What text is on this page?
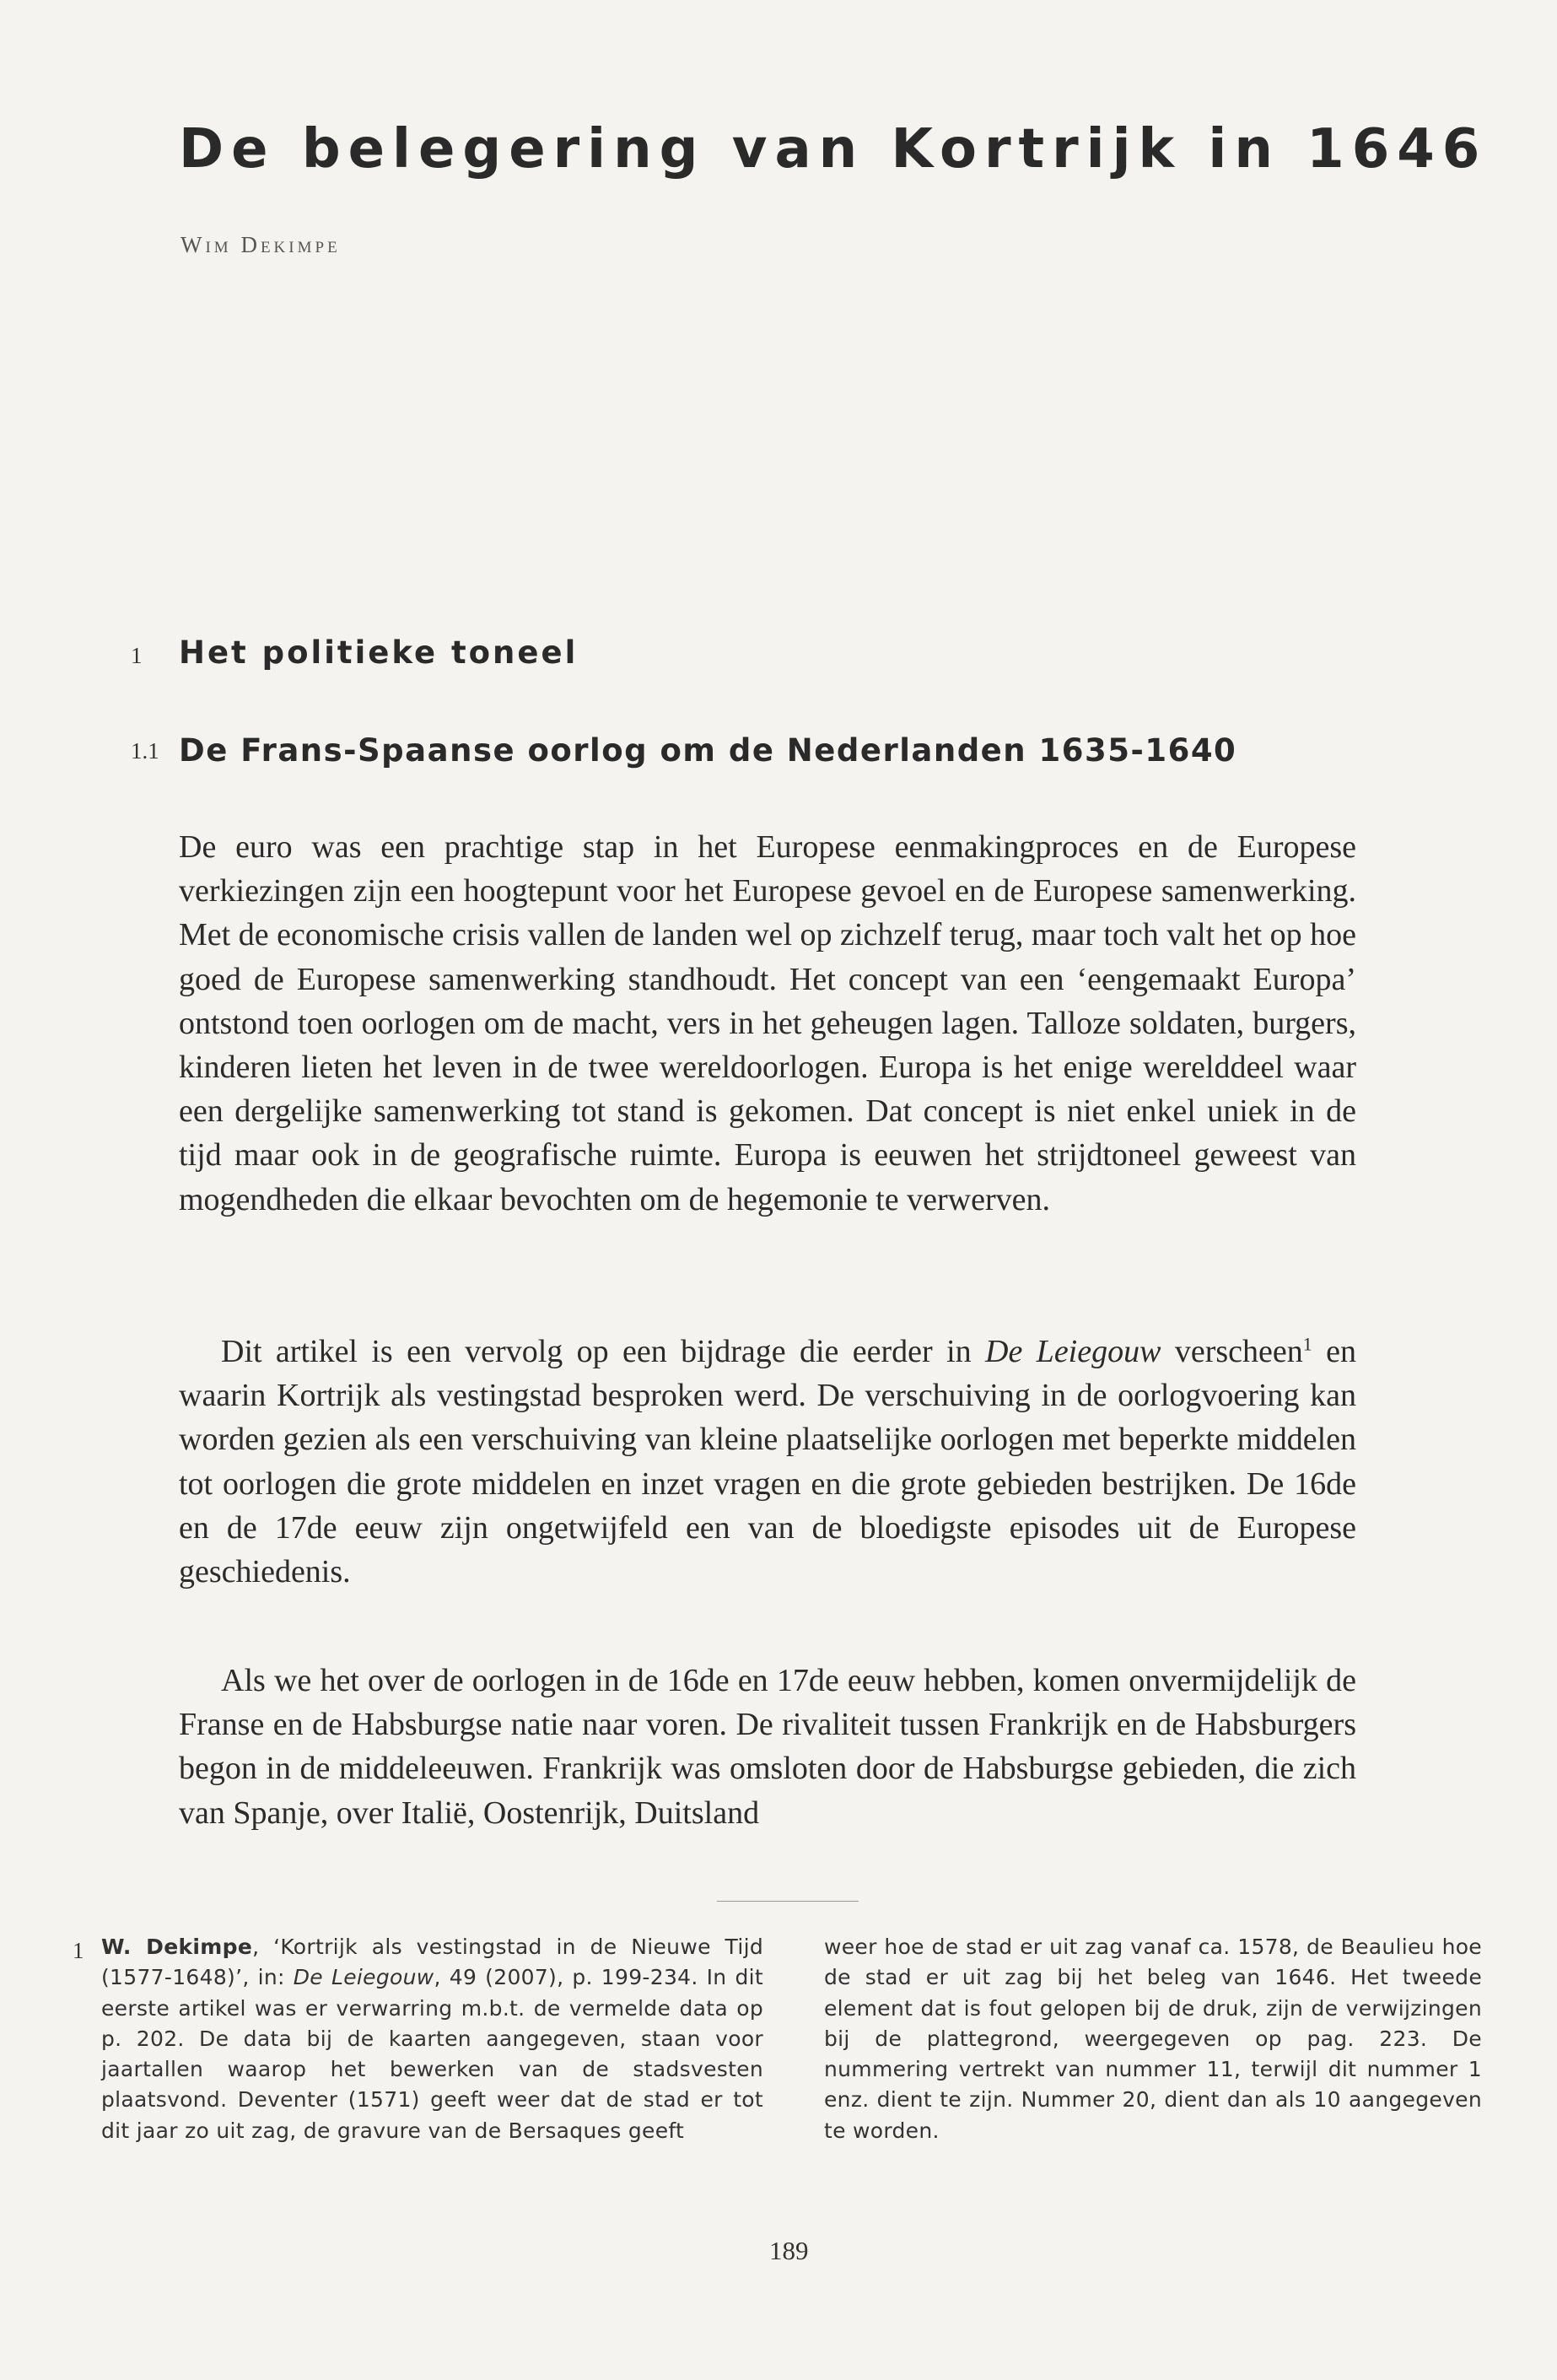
De belegering van Kortrijk in 1646
Wim Dekimpe
1 Het politieke toneel
1.1 De Frans-Spaanse oorlog om de Nederlanden 1635-1640

De euro was een prachtige stap in het Europese eenmakingproces en de Europese verkiezingen zijn een hoogtepunt voor het Europese gevoel en de Europese samenwerking. Met de economische crisis vallen de landen wel op zichzelf terug, maar toch valt het op hoe goed de Europese samenwerking standhoudt. Het concept van een ‘eengemaakt Europa’ ontstond toen oorlogen om de macht, vers in het geheugen lagen. Talloze soldaten, burgers, kinderen lieten het leven in de twee wereldoorlogen. Europa is het enige werelddeel waar een dergelijke samenwerking tot stand is gekomen. Dat concept is niet enkel uniek in de tijd maar ook in de geografische ruimte. Europa is eeuwen het strijdtoneel geweest van mogendheden die elkaar bevochten om de hegemonie te verwerven.

Dit artikel is een vervolg op een bijdrage die eerder in De Leiegouw verscheen$^1$ en waarin Kortrijk als vestingstad besproken werd. De verschuiving in de oorlogvoering kan worden gezien als een verschuiving van kleine plaatselijke oorlogen met beperkte middelen tot oorlogen die grote middelen en inzet vragen en die grote gebieden bestrijken. De 16de en de 17de eeuw zijn ongetwijfeld een van de bloedigste episodes uit de Europese geschiedenis.

Als we het over de oorlogen in de 16de en 17de eeuw hebben, komen onvermijdelijk de Franse en de Habsburgse natie naar voren. De rivaliteit tussen Frankrijk en de Habsburgers begon in de middeleeuwen. Frankrijk was omsloten door de Habsburgse gebieden, die zich van Spanje, over Italië, Oostenrijk, Duitsland

1 W. Dekimpe, ‘Kortrijk als vestingstad in de Nieuwe Tijd (1577-1648)’, in: De Leiegouw, 49 (2007), p. 199-234. In dit eerste artikel was er verwarring m.b.t. de vermelde data op p. 202. De data bij de kaarten aangegeven, staan voor jaartallen waarop het bewerken van de stadsvesten plaatsvond. Deventer (1571) geeft weer dat de stad er tot dit jaar zo uit zag, de gravure van de Bersaques geeft

weer hoe de stad er uit zag vanaf ca. 1578, de Beaulieu hoe de stad er uit zag bij het beleg van 1646. Het tweede element dat is fout gelopen bij de druk, zijn de verwijzingen bij de plattegrond, weergegeven op pag. 223. De nummering vertrekt van nummer 11, terwijl dit nummer 1 enz. dient te zijn. Nummer 20, dient dan als 10 aangegeven te worden.

189
